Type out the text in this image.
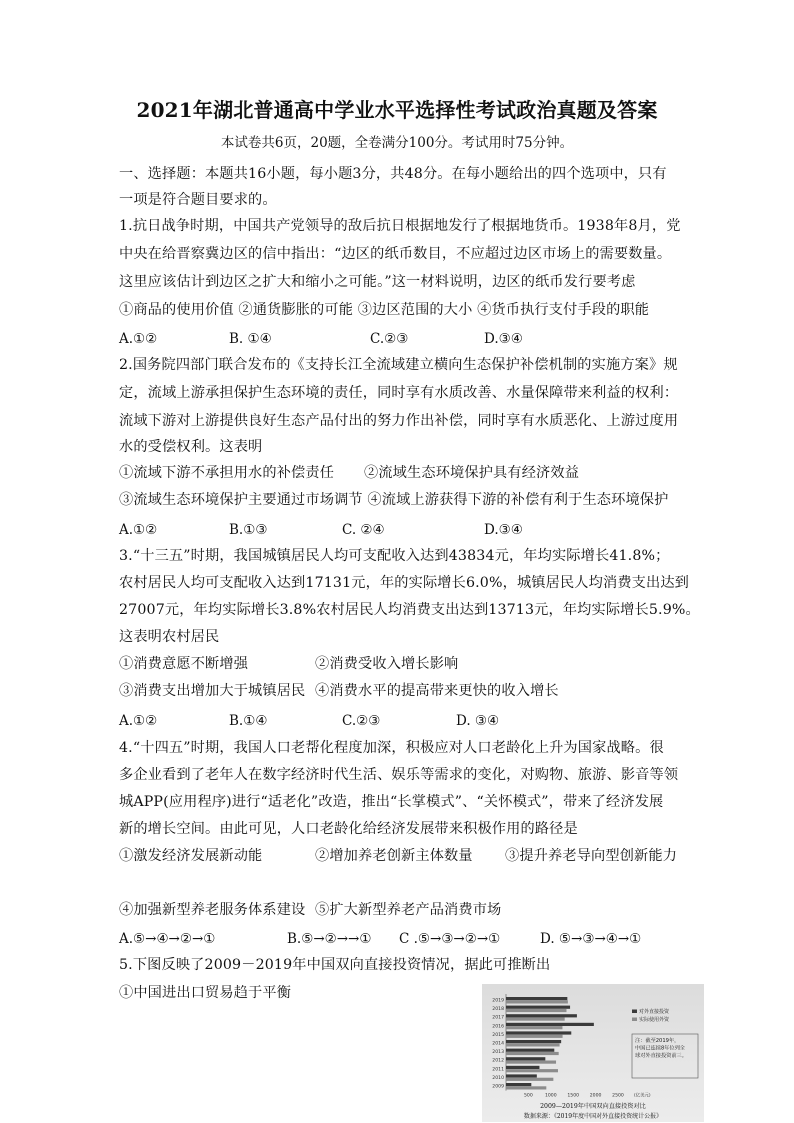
2021年湖北普通高中学业水平选择性考试政治真题及答案
本试卷共6页，20题，全卷满分100分。考试用时75分钟。
一、选择题：本题共16小题，每小题3分，共48分。在每小题给出的四个选项中，只有
一项是符合题目要求的。
1.抗日战争时期，中国共产党领导的敌后抗日根据地发行了根据地货币。1938年8月，党
中央在给晋察冀边区的信中指出：“边区的纸币数目，不应超过边区市场上的需要数量。
这里应该估计到边区之扩大和缩小之可能。”这一材料说明，边区的纸币发行要考虑
①商品的使用价值 ②通货膨胀的可能 ③边区范围的大小 ④货币执行支付手段的职能
A.①②	B. ①④	C.②③	D.③④
2.国务院四部门联合发布的《支持长江全流域建立横向生态保护补偿机制的实施方案》规
定，流域上游承担保护生态环境的责任，同时享有水质改善、水量保障带来利益的权利：
流域下游对上游提供良好生态产品付出的努力作出补偿，同时享有水质恶化、上游过度用
水的受偿权利。这表明
①流域下游不承担用水的补偿责任 ②流域生态环境保护具有经济效益
③流域生态环境保护主要通过市场调节 ④流域上游获得下游的补偿有利于生态环境保护
A.①②	B.①③	C. ②④	D.③④
3.“十三五”时期，我国城镇居民人均可支配收入达到43834元，年均实际增长41.8%；
农村居民人均可支配收入达到17131元，年的实际增长6.0%，城镇居民人均消费支出达到
27007元，年均实际增长3.8%农村居民人均消费支出达到13713元，年均实际增长5.9%。
这表明农村居民
①消费意愿不断增强	②消费受收入增长影响
③消费支出增加大于城镇居民 ④消费水平的提高带来更快的收入增长
A.①②	B.①④	C.②③	D. ③④
4.“十四五”时期，我国人口老帮化程度加深，积极应对人口老龄化上升为国家战略。很
多企业看到了老年人在数字经济时代生活、娱乐等需求的变化，对购物、旅游、影音等领
城APP(应用程序)进行“适老化”改造，推出“长掌模式”、“关怀模式”，带来了经济发展
新的增长空间。由此可见，人口老龄化给经济发展带来积极作用的路径是
①激发经济发展新动能	②增加养老创新主体数量 ③提升养老导向型创新能力
④加强新型养老服务体系建设 ⑤扩大新型养老产品消费市场
A.⑤→④→②→①	B.⑤→②→→① C .⑤→③→②→①	D. ⑤→③→④→①
5.下图反映了2009－2019年中国双向直接投资情况，据此可推断出
①中国进出口贸易趋于平衡	2019
2018
2017
2016
2015
2014
2013
2012
2011
2010
2009
500	1000 1500 2000 2500 (亿美元)
对外直接投资
实际使用外资
注：截至2019年，
中国已连续8年位列全
球对外直接投资前三。
2009—2019年中国双向直接投资对比
数据来源：《2019年度中国对外直接投资统计公报》
